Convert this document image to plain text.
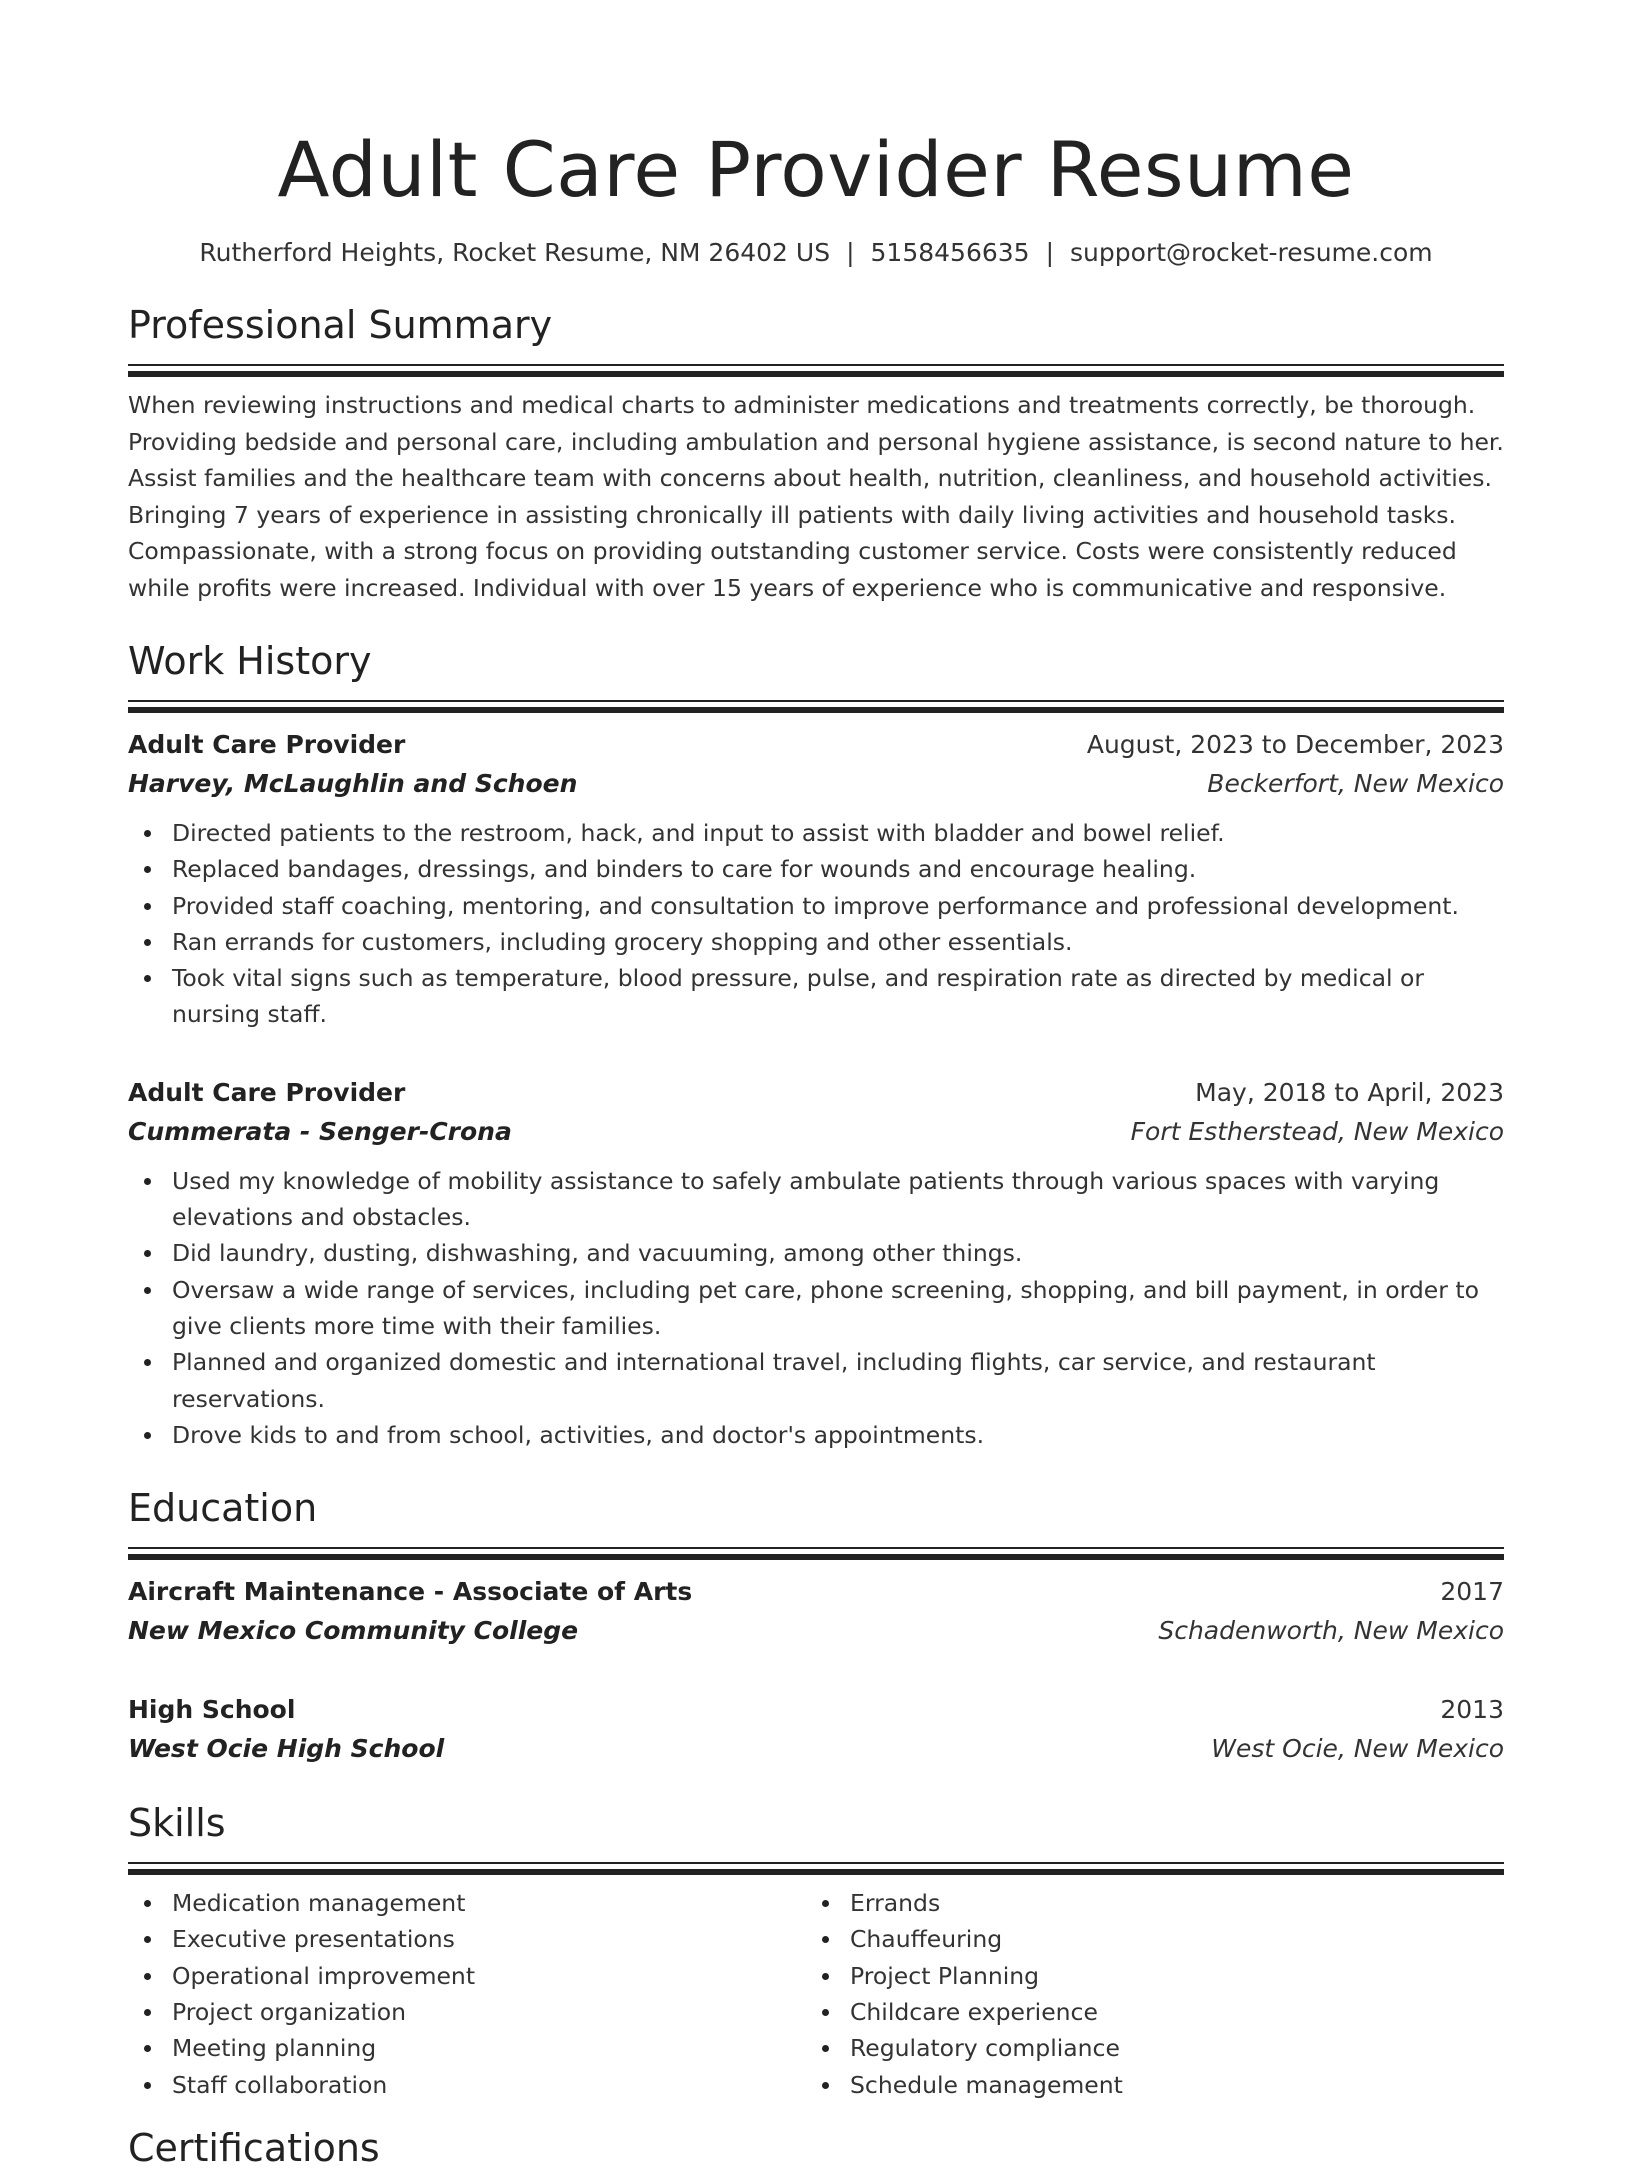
Adult Care Provider Resume
Rutherford Heights, Rocket Resume, NM 26402 US | 5158456635 | support@rocket-resume.com
Professional Summary

When reviewing instructions and medical charts to administer medications and treatments correctly, be thorough. Providing bedside and personal care, including ambulation and personal hygiene assistance, is second nature to her. Assist families and the healthcare team with concerns about health, nutrition, cleanliness, and household activities. Bringing 7 years of experience in assisting chronically ill patients with daily living activities and household tasks. Compassionate, with a strong focus on providing outstanding customer service. Costs were consistently reduced while profits were increased. Individual with over 15 years of experience who is communicative and responsive.

Work History
Adult Care Provider	August, 2023 to December, 2023
Harvey, McLaughlin and Schoen	Beckerfort, New Mexico
Directed patients to the restroom, hack, and input to assist with bladder and bowel relief.
Replaced bandages, dressings, and binders to care for wounds and encourage healing.
Provided staff coaching, mentoring, and consultation to improve performance and professional development.
Ran errands for customers, including grocery shopping and other essentials.
Took vital signs such as temperature, blood pressure, pulse, and respiration rate as directed by medical or nursing staff.
Adult Care Provider	May, 2018 to April, 2023
Cummerata - Senger-Crona	Fort Estherstead, New Mexico
Used my knowledge of mobility assistance to safely ambulate patients through various spaces with varying elevations and obstacles.
Did laundry, dusting, dishwashing, and vacuuming, among other things.
Oversaw a wide range of services, including pet care, phone screening, shopping, and bill payment, in order to give clients more time with their families.
Planned and organized domestic and international travel, including flights, car service, and restaurant reservations.
Drove kids to and from school, activities, and doctor's appointments.
Education
Aircraft Maintenance - Associate of Arts	2017
New Mexico Community College	Schadenworth, New Mexico
High School	2013
West Ocie High School	West Ocie, New Mexico
Skills
Medication management
Executive presentations
Operational improvement
Project organization
Meeting planning
Staff collaboration
Errands
Chauffeuring
Project Planning
Childcare experience
Regulatory compliance
Schedule management
Certifications
